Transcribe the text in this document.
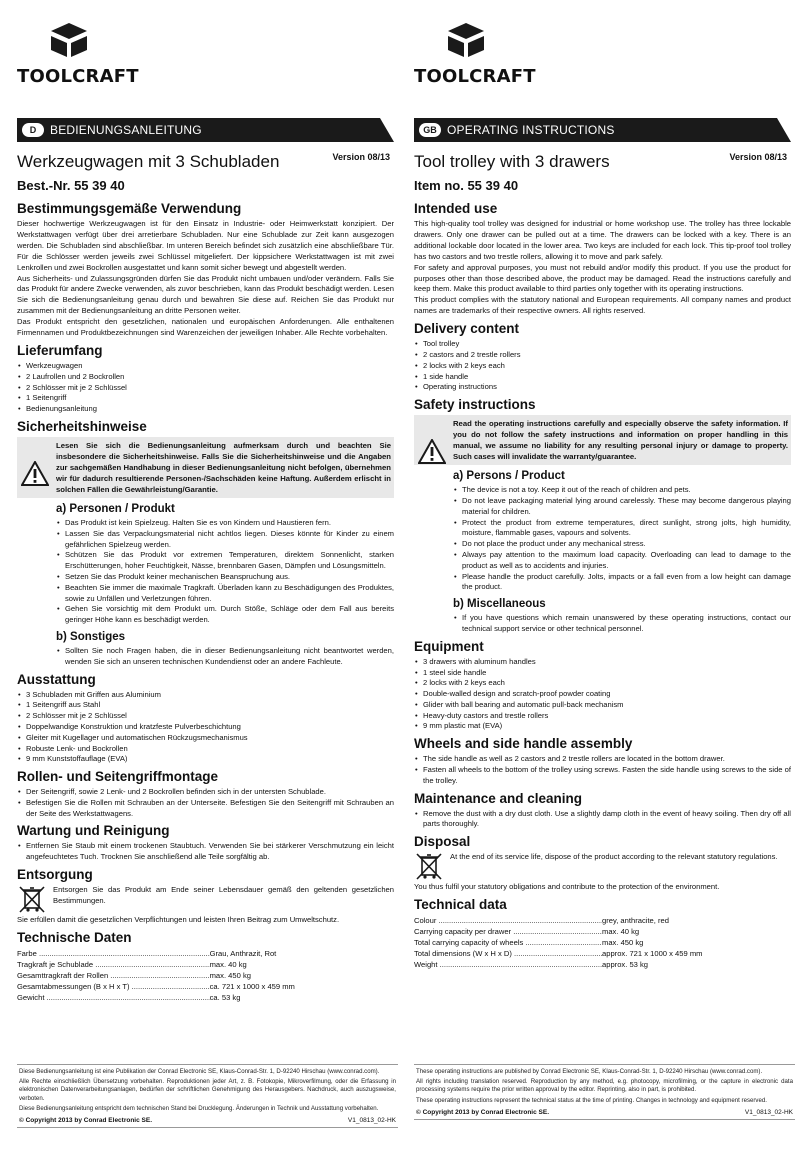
TOOLCRAFT
D	BEDIENUNGSANLEITUNG
Werkzeugwagen mit 3 Schubladen	Version 08/13
Best.-Nr. 55 39 40
Bestimmungsgemäße Verwendung

Dieser hochwertige Werkzeugwagen ist für den Einsatz in Industrie- oder Heimwerkstatt konzipiert. Der Werkstattwagen verfügt über drei arretierbare Schubladen. Nur eine Schublade zur Zeit kann ausgezogen werden. Die Schubladen sind abschließbar. Im unteren Bereich befindet sich zusätzlich eine abschließbare Tür. Für die Schlösser werden jeweils zwei Schlüssel mitgeliefert. Der kippsichere Werkstattwagen ist mit zwei Lenkrollen und zwei Bockrollen ausgestattet und kann somit sicher bewegt und abgestellt werden.

Aus Sicherheits- und Zulassungsgründen dürfen Sie das Produkt nicht umbauen und/oder verändern. Falls Sie das Produkt für andere Zwecke verwenden, als zuvor beschrieben, kann das Produkt beschädigt werden. Lesen Sie sich die Bedienungsanleitung genau durch und bewahren Sie diese auf. Reichen Sie das Produkt nur zusammen mit der Bedienungsanleitung an dritte Personen weiter.

Das Produkt entspricht den gesetzlichen, nationalen und europäischen Anforderungen. Alle enthaltenen Firmennamen und Produktbezeichnungen sind Warenzeichen der jeweiligen Inhaber. Alle Rechte vorbehalten.

Lieferumfang
• Werkzeugwagen
• 2 Laufrollen und 2 Bockrollen
• 2 Schlösser mit je 2 Schlüssel
• 1 Seitengriff
• Bedienungsanleitung
Sicherheitshinweise

Lesen Sie sich die Bedienungsanleitung aufmerksam durch und beachten Sie insbesondere die Sicherheitshinweise. Falls Sie die Sicherheitshinweise und die Angaben zur sachgemäßen Handhabung in dieser Bedienungsanleitung nicht befolgen, übernehmen wir für dadurch resultierende Personen-/Sachschäden keine Haftung. Außerdem erlischt in solchen Fällen die Gewährleistung/Garantie.

a) Personen / Produkt
• Das Produkt ist kein Spielzeug. Halten Sie es von Kindern und Haustieren fern.
• Lassen Sie das Verpackungsmaterial nicht achtlos liegen. Dieses könnte für Kinder zu einem gefährlichen Spielzeug werden.
• Schützen Sie das Produkt vor extremen Temperaturen, direktem Sonnenlicht, starken Erschütterungen, hoher Feuchtigkeit, Nässe, brennbaren Gasen, Dämpfen und Lösungsmitteln.
• Setzen Sie das Produkt keiner mechanischen Beanspruchung aus.
• Beachten Sie immer die maximale Tragkraft. Überladen kann zu Beschädigungen des Produktes, sowie zu Unfällen und Verletzungen führen.
• Gehen Sie vorsichtig mit dem Produkt um. Durch Stöße, Schläge oder dem Fall aus bereits geringer Höhe kann es beschädigt werden.
b) Sonstiges
• Sollten Sie noch Fragen haben, die in dieser Bedienungsanleitung nicht beantwortet werden, wenden Sie sich an unseren technischen Kundendienst oder an andere Fachleute.
Ausstattung
• 3 Schubladen mit Griffen aus Aluminium
• 1 Seitengriff aus Stahl
• 2 Schlösser mit je 2 Schlüssel
• Doppelwandige Konstruktion und kratzfeste Pulverbeschichtung
• Gleiter mit Kugellager und automatischen Rückzugsmechanismus
• Robuste Lenk- und Bockrollen
• 9 mm Kunststoffauflage (EVA)
Rollen- und Seitengriffmontage
• Der Seitengriff, sowie 2 Lenk- und 2 Bockrollen befinden sich in der untersten Schublade.
• Befestigen Sie die Rollen mit Schrauben an der Unterseite. Befestigen Sie den Seitengriff mit Schrauben an der Seite des Werkstattwagens.
Wartung und Reinigung
• Entfernen Sie Staub mit einem trockenen Staubtuch. Verwenden Sie bei stärkerer Verschmutzung ein leicht angefeuchtetes Tuch. Trocknen Sie anschließend alle Teile sorgfältig ab.
Entsorgung

Entsorgen Sie das Produkt am Ende seiner Lebensdauer gemäß den geltenden gesetzlichen Bestimmungen.

Sie erfüllen damit die gesetzlichen Verpflichtungen und leisten Ihren Beitrag zum Umweltschutz.

Technische Daten
Farbe .....	Grau, Anthrazit, Rot
Tragkraft je Schublade .....	max. 40 kg
Gesamttragkraft der Rollen .....	max. 450 kg
Gesamtabmessungen (B x H x T) .....	ca. 721 x 1000 x 459 mm
Gewicht .....	ca. 53 kg

Diese Bedienungsanleitung ist eine Publikation der Conrad Electronic SE, Klaus-Conrad-Str. 1, D-92240 Hirschau (www.conrad.com).

Alle Rechte einschließlich Übersetzung vorbehalten. Reproduktionen jeder Art, z. B. Fotokopie, Mikroverfilmung, oder die Erfassung in elektronischen Datenverarbeitungsanlagen, bedürfen der schriftlichen Genehmigung des Herausgebers. Nachdruck, auch auszugsweise, verboten.

Diese Bedienungsanleitung entspricht dem technischen Stand bei Drucklegung. Änderungen in Technik und Ausstattung vorbehalten.

© Copyright 2013 by Conrad Electronic SE.	V1_0813_02-HK
TOOLCRAFT
GB OPERATING INSTRUCTIONS
Tool trolley with 3 drawers	Version 08/13
Item no. 55 39 40
Intended use

This high-quality tool trolley was designed for industrial or home workshop use. The trolley has three lockable drawers. Only one drawer can be pulled out at a time. The drawers can be locked with a key. There is an additional lockable door located in the lower area. Two keys are included for each lock. This tip-proof tool trolley has two castors and two trestle rollers, allowing it to move and park safely.

For safety and approval purposes, you must not rebuild and/or modify this product. If you use the product for purposes other than those described above, the product may be damaged. Read the instructions carefully and keep them. Make this product available to third parties only together with its operating instructions.

This product complies with the statutory national and European requirements. All company names and product names are trademarks of their respective owners. All rights reserved.

Delivery content
• Tool trolley
• 2 castors and 2 trestle rollers
• 2 locks with 2 keys each
• 1 side handle
• Operating instructions
Safety instructions

Read the operating instructions carefully and especially observe the safety information. If you do not follow the safety instructions and information on proper handling in this manual, we assume no liability for any resulting personal injury or damage to property. Such cases will invalidate the warranty/guarantee.

a) Persons / Product
• The device is not a toy. Keep it out of the reach of children and pets.
• Do not leave packaging material lying around carelessly. These may become dangerous playing material for children.
• Protect the product from extreme temperatures, direct sunlight, strong jolts, high humidity, moisture, flammable gases, vapours and solvents.
• Do not place the product under any mechanical stress.
• Always pay attention to the maximum load capacity. Overloading can lead to damage to the product as well as to accidents and injuries.
• Please handle the product carefully. Jolts, impacts or a fall even from a low height can damage the product.
b) Miscellaneous
• If you have questions which remain unanswered by these operating instructions, contact our technical support service or other technical personnel.
Equipment
• 3 drawers with aluminum handles
• 1 steel side handle
• 2 locks with 2 keys each
• Double-walled design and scratch-proof powder coating
• Glider with ball bearing and automatic pull-back mechanism
• Heavy-duty castors and trestle rollers
• 9 mm plastic mat (EVA)
Wheels and side handle assembly
• The side handle as well as 2 castors and 2 trestle rollers are located in the bottom drawer.
• Fasten all wheels to the bottom of the trolley using screws. Fasten the side handle using screws to the side of the trolley.
Maintenance and cleaning
• Remove the dust with a dry dust cloth. Use a slightly damp cloth in the event of heavy soiling. Then dry off all parts thoroughly.
Disposal

At the end of its service life, dispose of the product according to the relevant statutory regulations.

You thus fulfil your statutory obligations and contribute to the protection of the environment.

Technical data
Colour .....	grey, anthracite, red
Carrying capacity per drawer .....	max. 40 kg
Total carrying capacity of wheels .....	max. 450 kg
Total dimensions (W x H x D) .....	approx. 721 x 1000 x 459 mm
Weight .....	approx. 53 kg

These operating instructions are published by Conrad Electronic SE, Klaus-Conrad-Str. 1, D-92240 Hirschau (www.conrad.com).

All rights including translation reserved. Reproduction by any method, e.g. photocopy, microfilming, or the capture in electronic data processing systems require the prior written approval by the editor. Reprinting, also in part, is prohibited.

These operating instructions represent the technical status at the time of printing. Changes in technology and equipment reserved.

© Copyright 2013 by Conrad Electronic SE.	V1_0813_02-HK
